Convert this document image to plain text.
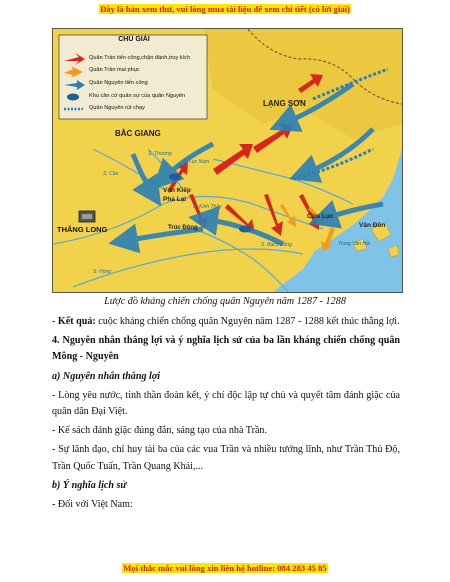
Đây là bản xem thử, vui lòng mua tài liệu để xem chi tiết (có lời giải)
CHÚ GIẢI
Quân Trần tiến công,chặn đánh,truy kích
Quân Trần mai phục
Quân Nguyên tiến công
Khu căn cứ quân sự của quân Nguyên
Quân Nguyên rút chạy	LẠNG SƠN
BẮC GIANG
S. Cầu
S. Lục Nam
S. Thương
Vạn Kiếp
Phả Lại
THĂNG LONG	Trúc Động
S. Kinh Thầy
S. Bạch Đằng
S. Hồng
Cửa Lục
Vân Đồn
Trung Vân Hải
Lược đồ kháng chiến chống quân Nguyên năm 1287 - 1288

- Kết quả: cuộc kháng chiến chống quân Nguyên năm 1287 - 1288 kết thúc thắng lợi.

4. Nguyên nhân thắng lợi và ý nghĩa lịch sử của ba lần kháng chiến chống quân Mông - Nguyên

a) Nguyên nhân thắng lợi

- Lòng yêu nước, tinh thần đoàn kết, ý chí độc lập tự chủ và quyết tâm đánh giặc của quân dân Đại Việt.

- Kế sách đánh giặc đúng đắn, sáng tạo của nhà Trần.

- Sự lãnh đạo, chỉ huy tài ba của các vua Trần và nhiều tướng lĩnh, như Trần Thủ Độ, Trần Quốc Tuấn, Trần Quang Khải,...

b) Ý nghĩa lịch sử

- Đối với Việt Nam:

Mọi thắc mắc vui lòng xin liên hệ hotline: 084 283 45 85
